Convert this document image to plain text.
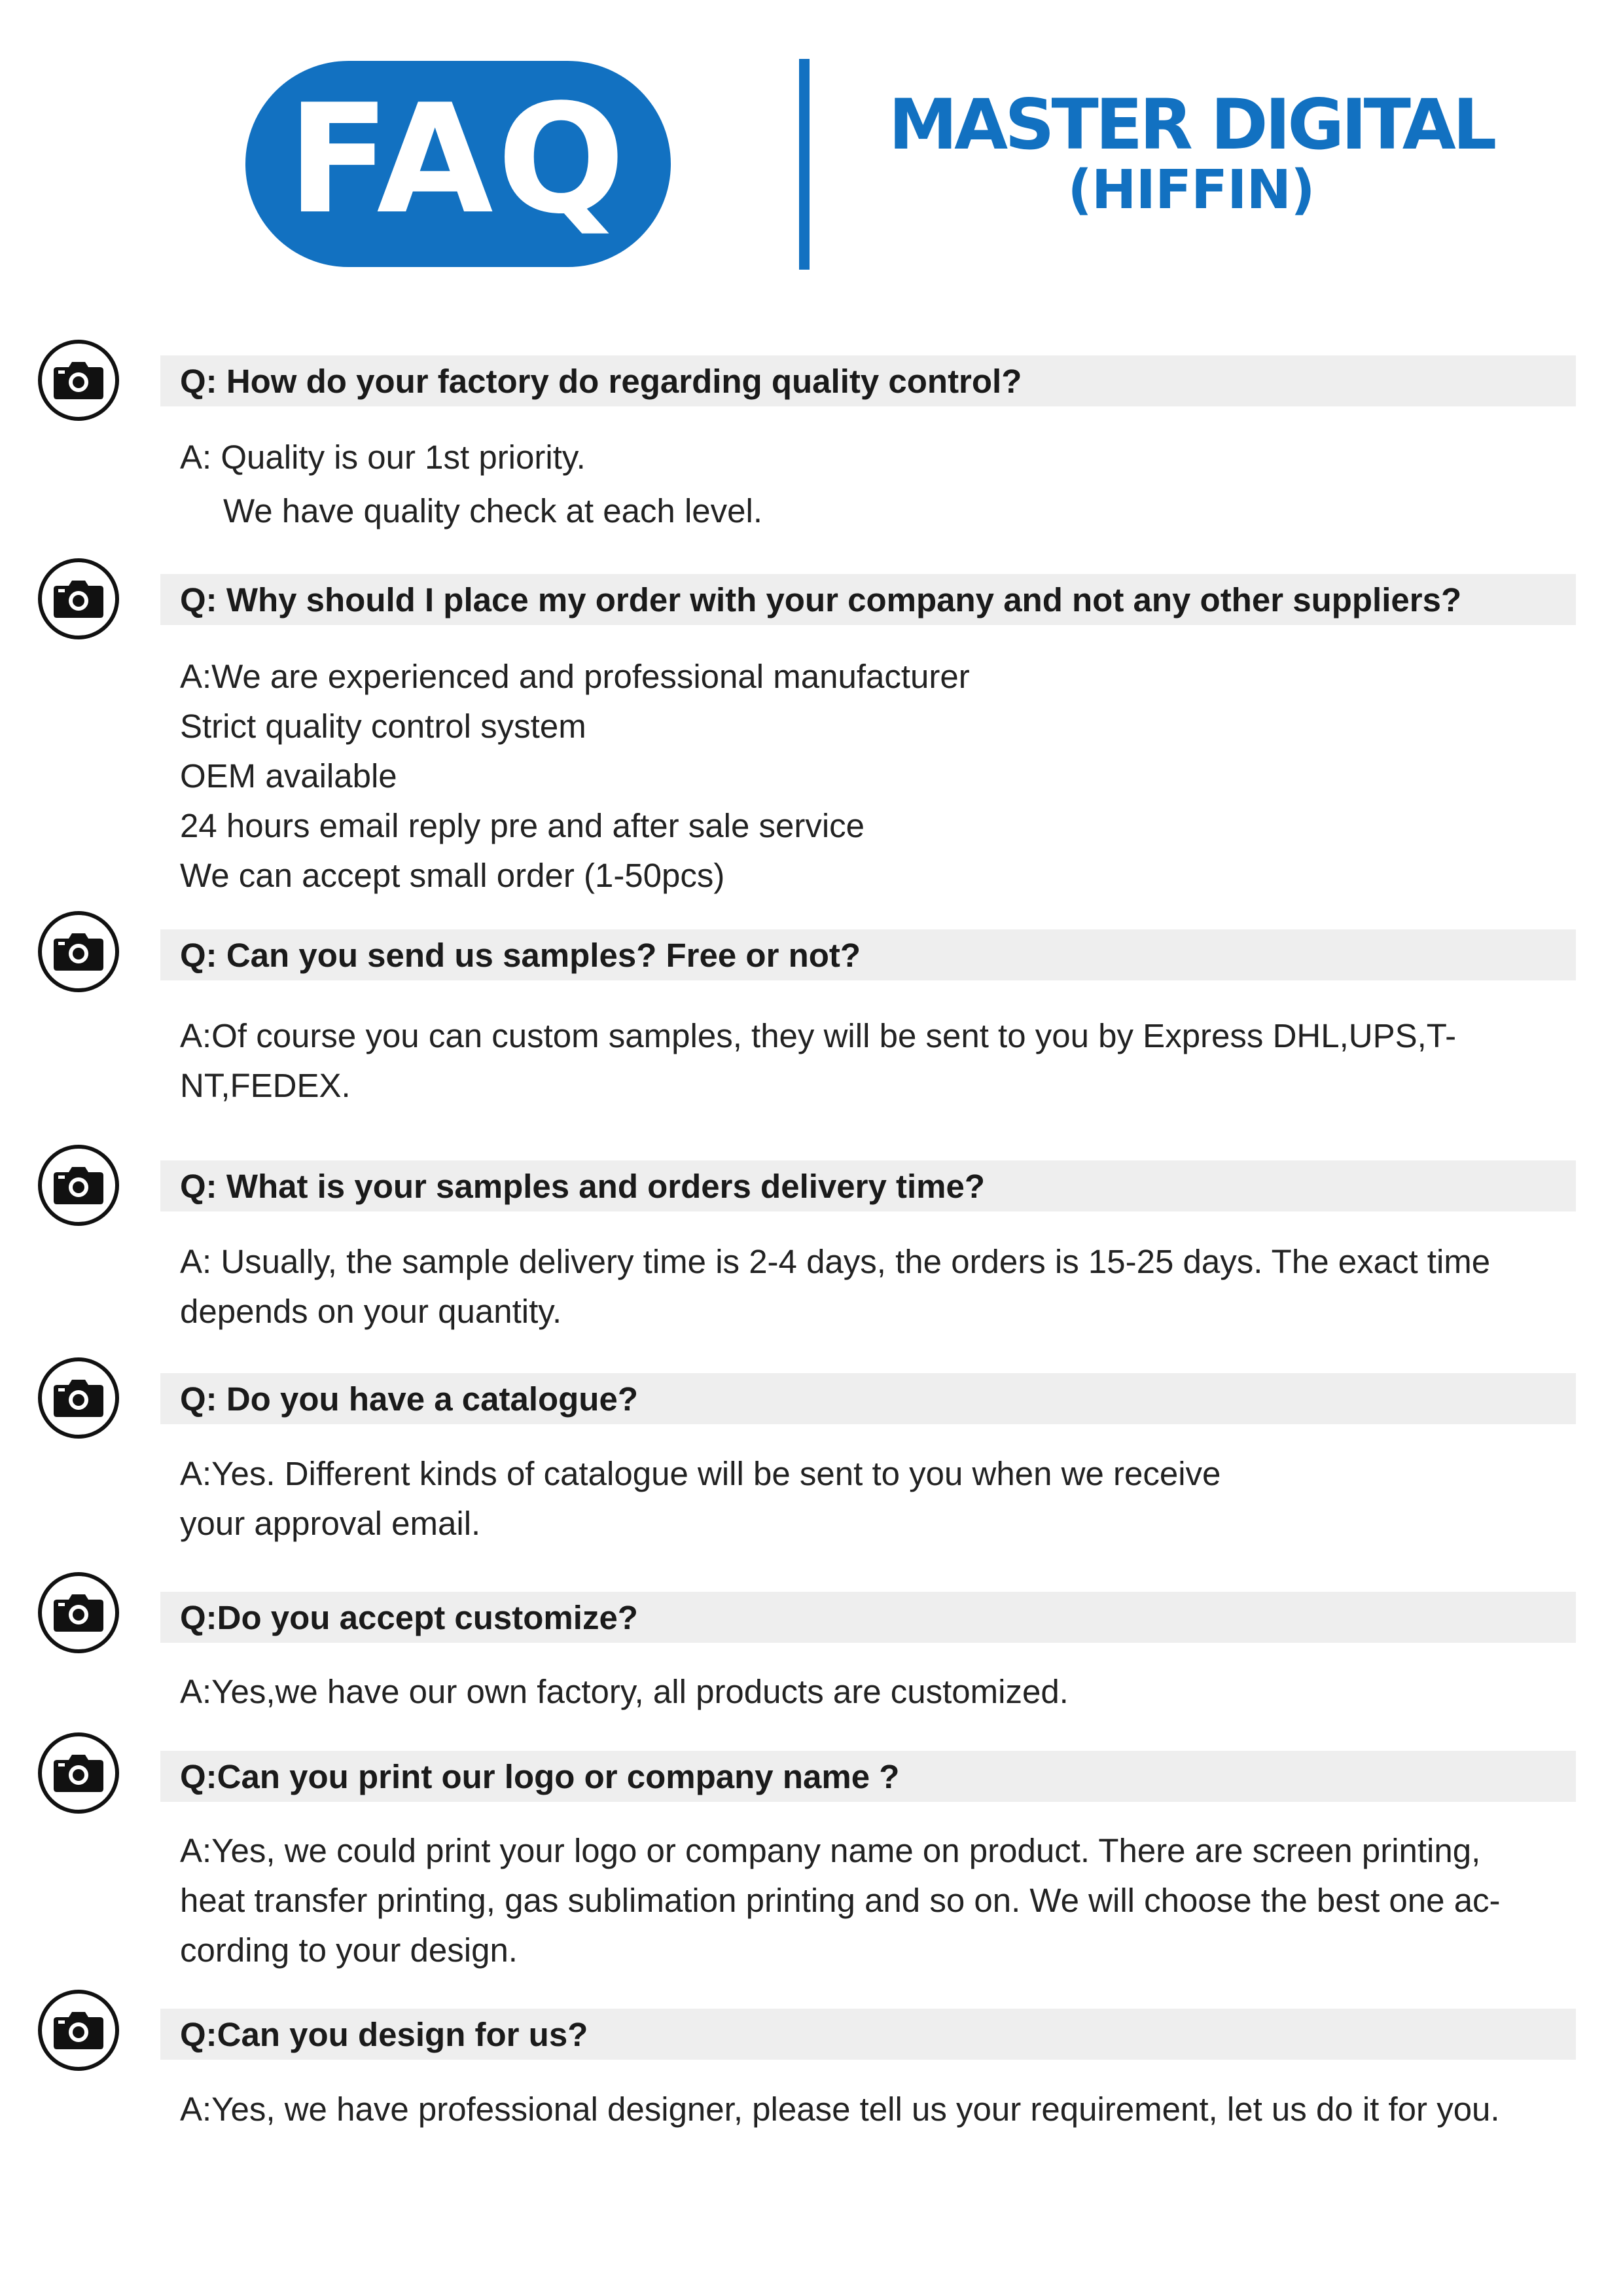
FAQ	MASTER DIGITAL
(HIFFIN)
Q: How do your factory do regarding quality control?
A: Quality is our 1st priority.
We have quality check at each level.
Q: Why should I place my order with your company and not any other suppliers?
A:We are experienced and professional manufacturer
Strict quality control system
OEM available
24 hours email reply pre and after sale service
We can accept small order (1-50pcs)
Q: Can you send us samples? Free or not?
A:Of course you can custom samples, they will be sent to you by Express DHL,UPS,T-
NT,FEDEX.
Q: What is your samples and orders delivery time?
A: Usually, the sample delivery time is 2-4 days, the orders is 15-25 days. The exact time
depends on your quantity.
Q: Do you have a catalogue?
A:Yes. Different kinds of catalogue will be sent to you when we receive
your approval email.
Q:Do you accept customize?
A:Yes,we have our own factory, all products are customized.
Q:Can you print our logo or company name ?
A:Yes, we could print your logo or company name on product. There are screen printing,
heat transfer printing, gas sublimation printing and so on. We will choose the best one ac-
cording to your design.
Q:Can you design for us?
A:Yes, we have professional designer, please tell us your requirement, let us do it for you.
